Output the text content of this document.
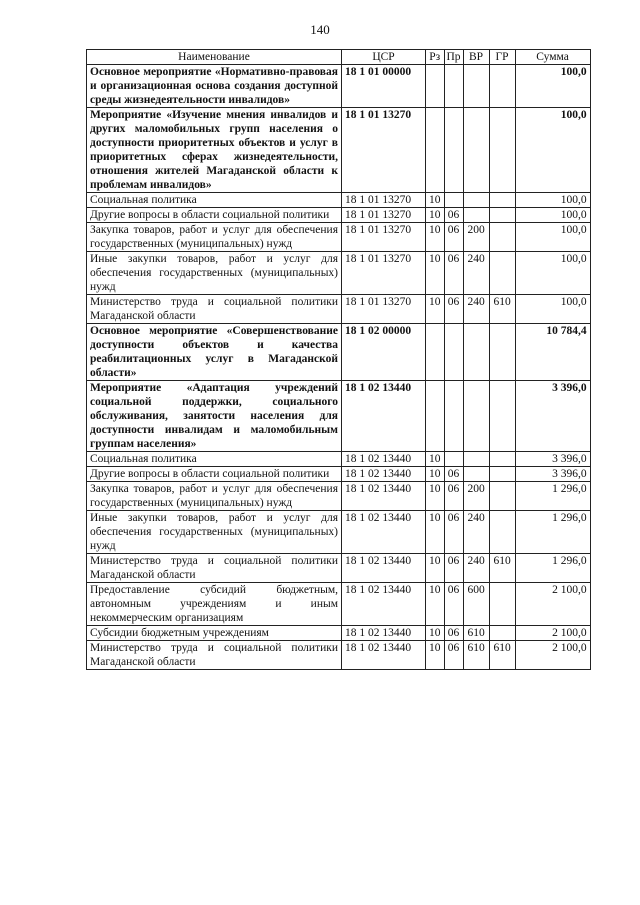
140
Наименование	ЦСР	Рз	Пр	ВР	ГР	Сумма
Основное мероприятие «Нормативно-правовая и организационная основа создания доступной среды жизнедеятельности инвалидов»	18 1 01 00000					100,0
Мероприятие «Изучение мнения инвалидов и других маломобильных групп населения о доступности приоритетных объектов и услуг в приоритетных сферах жизнедеятельности, отношения жителей Магаданской области к проблемам инвалидов»	18 1 01 13270					100,0
Социальная политика	18 1 01 13270	10				100,0
Другие вопросы в области социальной политики	18 1 01 13270	10	06			100,0
Закупка товаров, работ и услуг для обеспечения государственных (муниципальных) нужд	18 1 01 13270	10	06	200		100,0
Иные закупки товаров, работ и услуг для обеспечения государственных (муниципальных) нужд	18 1 01 13270	10	06	240		100,0
Министерство труда и социальной политики Магаданской области	18 1 01 13270	10	06	240	610	100,0
Основное мероприятие «Совершенствование доступности объектов и качества реабилитационных услуг в Магаданской области»	18 1 02 00000					10 784,4
Мероприятие «Адаптация учреждений социальной поддержки, социального обслуживания, занятости населения для доступности инвалидам и маломобильным группам населения»	18 1 02 13440					3 396,0
Социальная политика	18 1 02 13440	10				3 396,0
Другие вопросы в области социальной политики	18 1 02 13440	10	06			3 396,0
Закупка товаров, работ и услуг для обеспечения государственных (муниципальных) нужд	18 1 02 13440	10	06	200		1 296,0
Иные закупки товаров, работ и услуг для обеспечения государственных (муниципальных) нужд	18 1 02 13440	10	06	240		1 296,0
Министерство труда и социальной политики Магаданской области	18 1 02 13440	10	06	240	610	1 296,0
Предоставление субсидий бюджетным, автономным учреждениям и иным некоммерческим организациям	18 1 02 13440	10	06	600		2 100,0
Субсидии бюджетным учреждениям	18 1 02 13440	10	06	610		2 100,0
Министерство труда и социальной политики Магаданской области	18 1 02 13440	10	06	610	610	2 100,0
